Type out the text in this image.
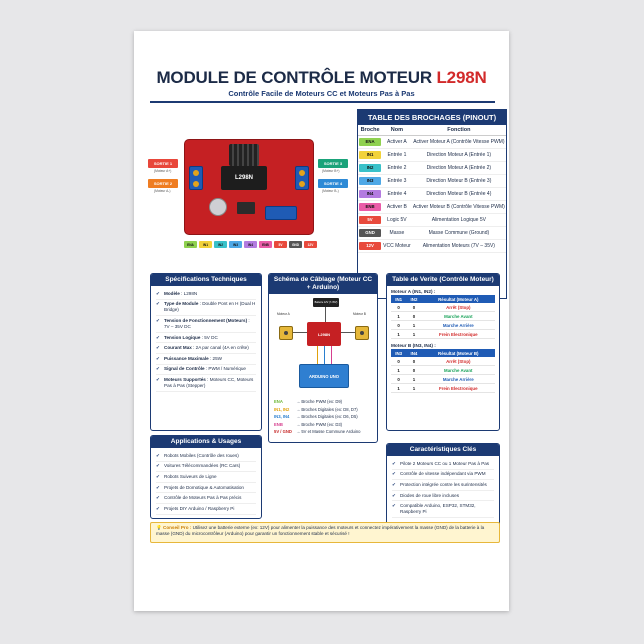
MODULE DE CONTRÔLE MOTEUR L298N
Contrôle Facile de Moteurs CC et Moteurs Pas à Pas
L298N
SORTIE 1
(Moteur A+)
SORTIE 2
(Moteur A-)
SORTIE 3
(Moteur B+)
SORTIE 4
(Moteur B-)
ENA	IN1	IN2	IN3	IN4	ENB	5V	GND	12V
TABLE DES BROCHAGES (PINOUT)
Broche	Nom	Fonction
ENA	Activer A	Activer Moteur A (Contrôle Vitesse PWM)
IN1	Entrée 1	Direction Moteur A (Entrée 1)
IN2	Entrée 2	Direction Moteur A (Entrée 2)
IN3	Entrée 3	Direction Moteur B (Entrée 3)
IN4	Entrée 4	Direction Moteur B (Entrée 4)
ENB	Activer B	Activer Moteur B (Contrôle Vitesse PWM)
5V	Logic 5V	Alimentation Logique 5V
GND	Masse	Masse Commune (Ground)
12V	VCC Moteur	Alimentation Moteurs (7V – 35V)
Spécifications Techniques
✔ Modèle : L298N
✔ Type de Module : Double Pont en H (Dual H Bridge)
✔ Tension de Fonctionnement (Moteurs) : 7V – 35V DC
✔ Tension Logique : 5V DC
✔ Courant Max : 2A par canal (4A en crête)
✔ Puissance Maximale : 25W
✔ Signal de Contrôle : PWM / Numérique
✔ Moteurs Supportés : Moteurs CC, Moteurs Pas à Pas (Stepper)
Applications & Usages
✔ Robots Mobiles (Contrôle des roues)
✔ Voitures Télécommandées (RC Cars)
✔ Robots Suiveurs de Ligne
✔ Projets de Domotique & Automatisation
✔ Contrôle de Moteurs Pas à Pas précis
✔ Projets DIY Arduino / Raspberry Pi
Schéma de Câblage (Moteur CC + Arduino)
Moteur A	Moteur B
Batterie 12V (7-35V)
L298N
ARDUINO UNO
ENA	→ Broche PWM (ex: D9)
IN1, IN2 → Broches Digitales (ex: D8, D7)
IN3, IN4 → Broches Digitales (ex: D6, D5)
ENB	→ Broche PWM (ex: D3)
5V / GND → 5V et Masse Commune Arduino
Table de Verite (Contrôle Moteur)
Moteur A (IN1, IN2) :
IN1	IN2	Résultat (Moteur A)
0	0	Arrêt (Stop)
1	0	Marche Avant
0	1	Marche Arrière
1	1	Frein Electronique
Moteur B (IN3, IN4) :
IN3	IN4	Résultat (Moteur B)
0	0	Arrêt (Stop)
1	0	Marche Avant
0	1	Marche Arrière
1	1	Frein Electronique
Caractéristiques Clés
✔ Pilote 2 Moteurs CC ou 1 Moteur Pas à Pas
✔ Contrôle de vitesse indépendant via PWM
✔ Protection intégrée contre les surintensités
✔ Diodes de roue libre incluses
✔ Compatible Arduino, ESP32, STM32, Raspberry Pi
💡 Conseil Pro : Utilisez une batterie externe (ex: 12V) pour alimenter la puissance des moteurs et connectez impérativement la masse (GND) de la batterie à la masse (GND) du microcontrôleur (Arduino) pour garantir un fonctionnement stable et sécurisé !
